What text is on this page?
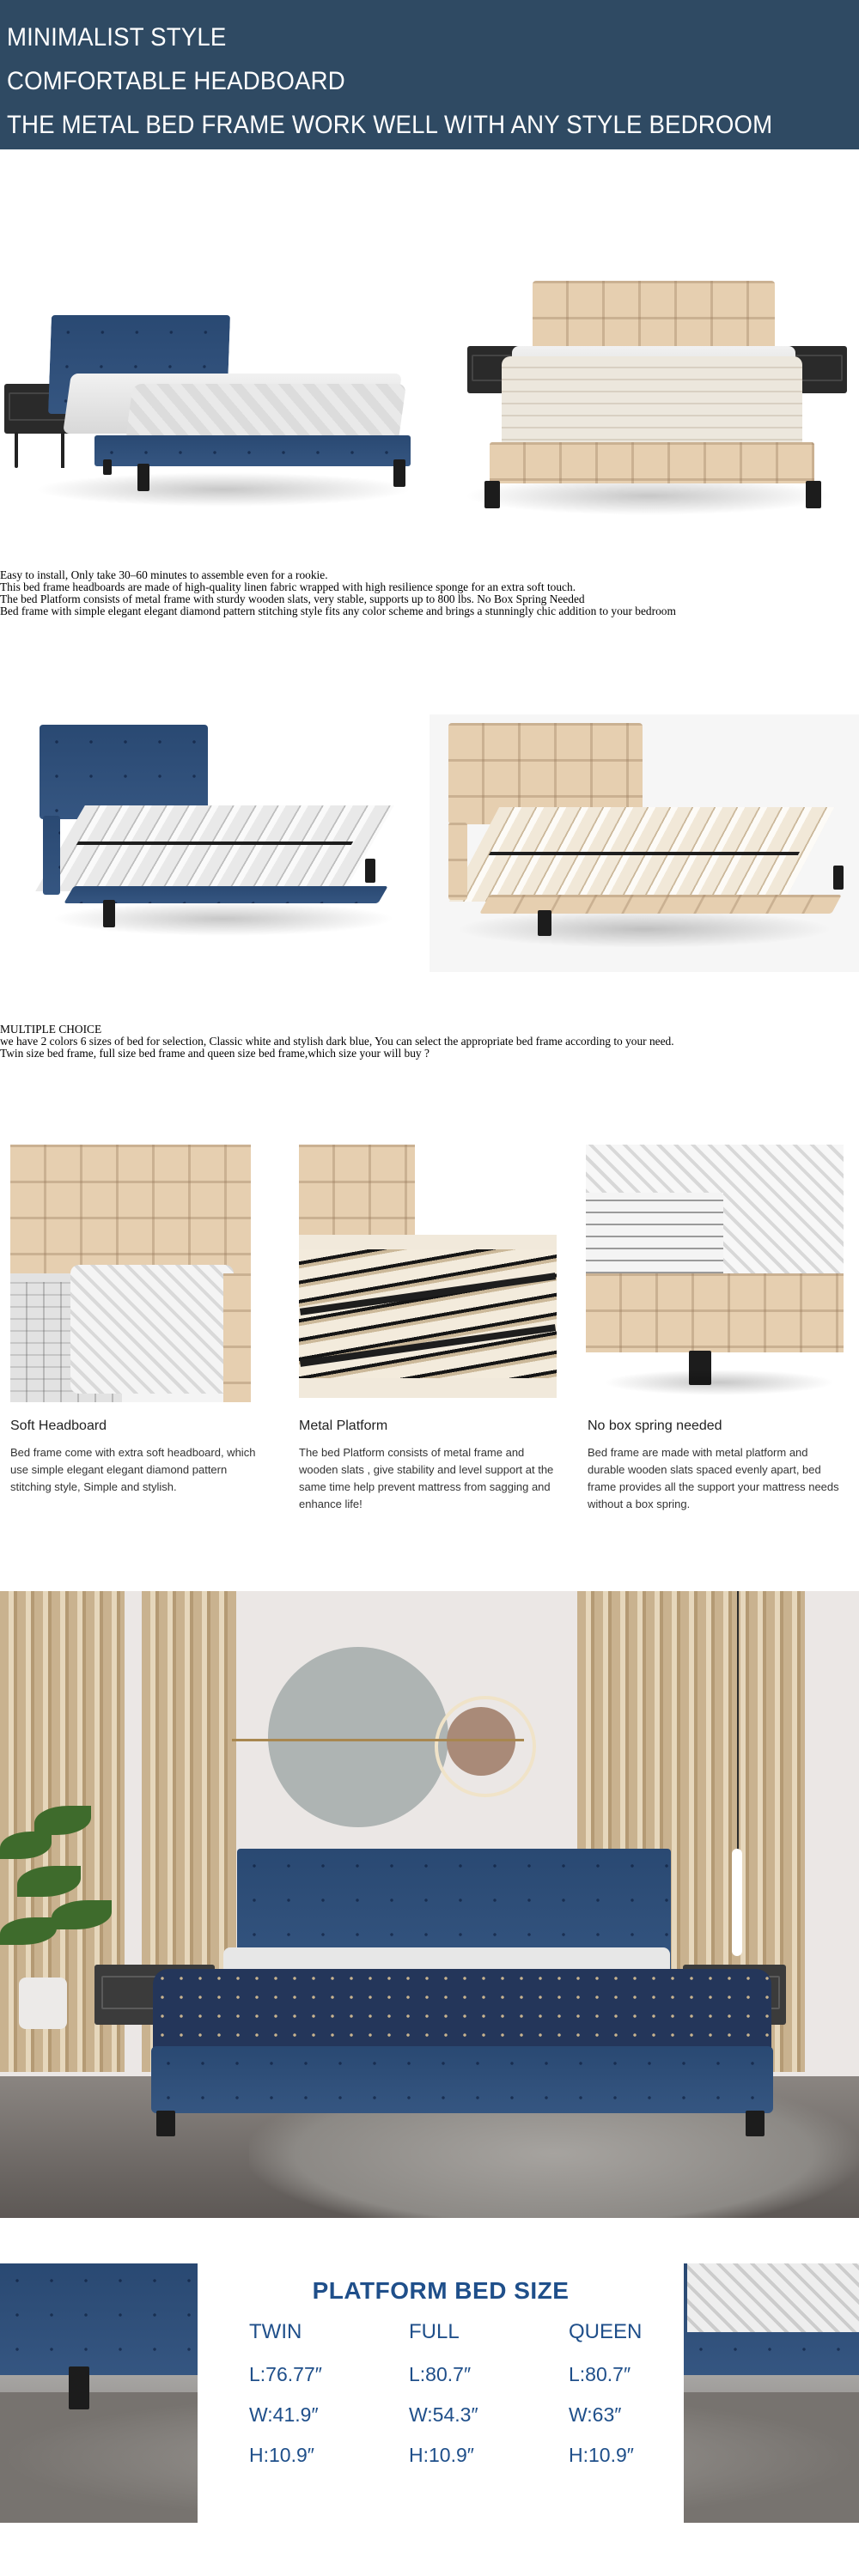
MINIMALIST STYLE
COMFORTABLE HEADBOARD
THE METAL BED FRAME WORK WELL WITH ANY STYLE BEDROOM
Easy to install, Only take 30–60 minutes to assemble even for a rookie.
This bed frame headboards are made of high-quality linen fabric wrapped with high resilience sponge for an extra soft touch.
The bed Platform consists of metal frame with sturdy wooden slats, very stable, supports up to 800 lbs. No Box Spring Needed
Bed frame with simple elegant elegant diamond pattern stitching style fits any color scheme and brings a stunningly chic addition to your bedroom
MULTIPLE CHOICE
we have 2 colors 6 sizes of bed for selection, Classic white and stylish dark blue, You can select the appropriate bed frame according to your need.
Twin size bed frame, full size bed frame and queen size bed frame,which size your will buy ?
Soft Headboard
Bed frame come with extra soft headboard, which use simple elegant elegant diamond pattern stitching style, Simple and stylish.
Metal Platform
The bed Platform consists of metal frame and wooden slats , give stability and level support at the same time help prevent mattress from sagging and enhance life!
No box spring needed
Bed frame are made with metal platform and durable wooden slats spaced evenly apart, bed frame provides all the support your mattress needs without a box spring.
PLATFORM BED SIZE
TWIN
L:76.77″
W:41.9″
H:10.9″
FULL
L:80.7″
W:54.3″
H:10.9″
QUEEN
L:80.7″
W:63″
H:10.9″
